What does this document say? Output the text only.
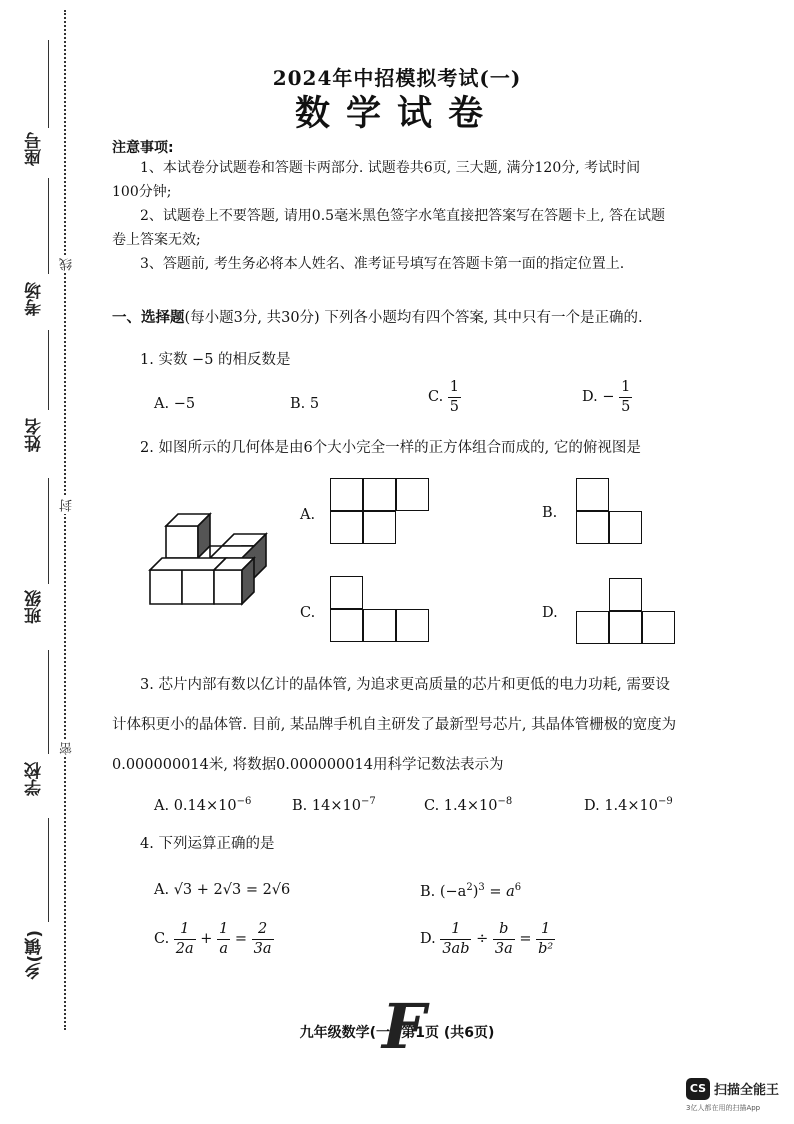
座号
考场
姓名
班级
学校
乡(镇)
线
封
密
2024年中招模拟考试(一)
数学试卷
注意事项:
1、本试卷分试题卷和答题卡两部分. 试题卷共6页, 三大题, 满分120分, 考试时间
100分钟;
2、试题卷上不要答题, 请用0.5毫米黑色签字水笔直接把答案写在答题卡上, 答在试题
卷上答案无效;
3、答题前, 考生务必将本人姓名、准考证号填写在答题卡第一面的指定位置上.
一、选择题(每小题3分, 共30分) 下列各小题均有四个答案, 其中只有一个是正确的.
1. 实数 −5 的相反数是
A. −5	B. 5	C. $\frac{1}{5}$	D. − $\frac{1}{5}$
2. 如图所示的几何体是由6个大小完全一样的正方体组合而成的, 它的俯视图是
A.	B.
C.	D.
3. 芯片内部有数以亿计的晶体管, 为追求更高质量的芯片和更低的电力功耗, 需要设
计体积更小的晶体管. 目前, 某品牌手机自主研发了最新型号芯片, 其晶体管栅极的宽度为
0.000000014米, 将数据0.000000014用科学记数法表示为
A. $0.14\times 10^{-6}$	B. $14\times 10^{-7}$	C. $1.4\times 10^{-8}$	D. $1.4\times 10^{-9}$
4. 下列运算正确的是
A. √3 + 2√3 = 2√6	B. $(-a^2)^3 = a^6$
C. $\frac{1}{2a} + \frac{1}{a} = \frac{2}{3a}$	D. $\frac{1}{3ab} \div \frac{b}{3a} = \frac{1}{\text{b²}}$
九年级数学(一) 第1页 (共6页)
F
CS 扫描全能王
3亿人都在用的扫描App
